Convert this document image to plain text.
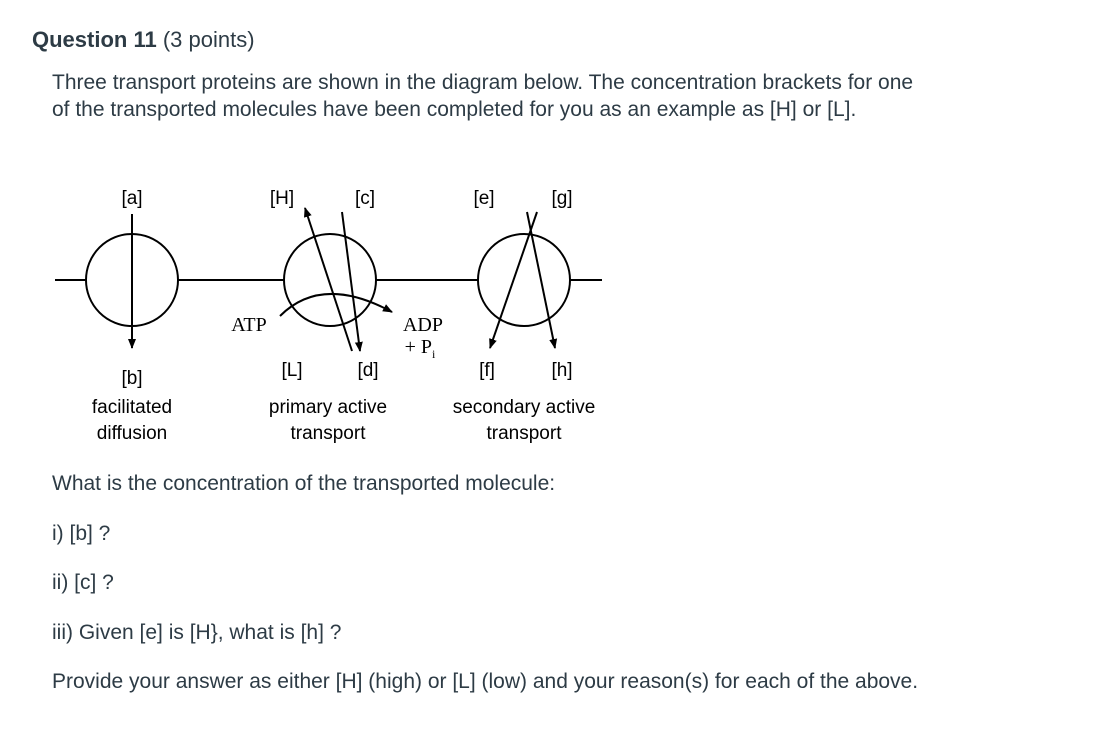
Question 11 (3 points)

Three transport proteins are shown in the diagram below. The concentration brackets for one of the transported molecules have been completed for you as an example as [H] or [L].

[a]	[H]	[c]	[e]	[g]
ATP	ADP
+ $P_i$
[b]	[L]	[d]	[f]	[h]
facilitated
diffusion
primary active
transport
secondary active
transport
What is the concentration of the transported molecule:
i) [b] ?
ii) [c] ?
iii) Given [e] is [H}, what is [h] ?
Provide your answer as either [H] (high) or [L] (low) and your reason(s) for each of the above.
